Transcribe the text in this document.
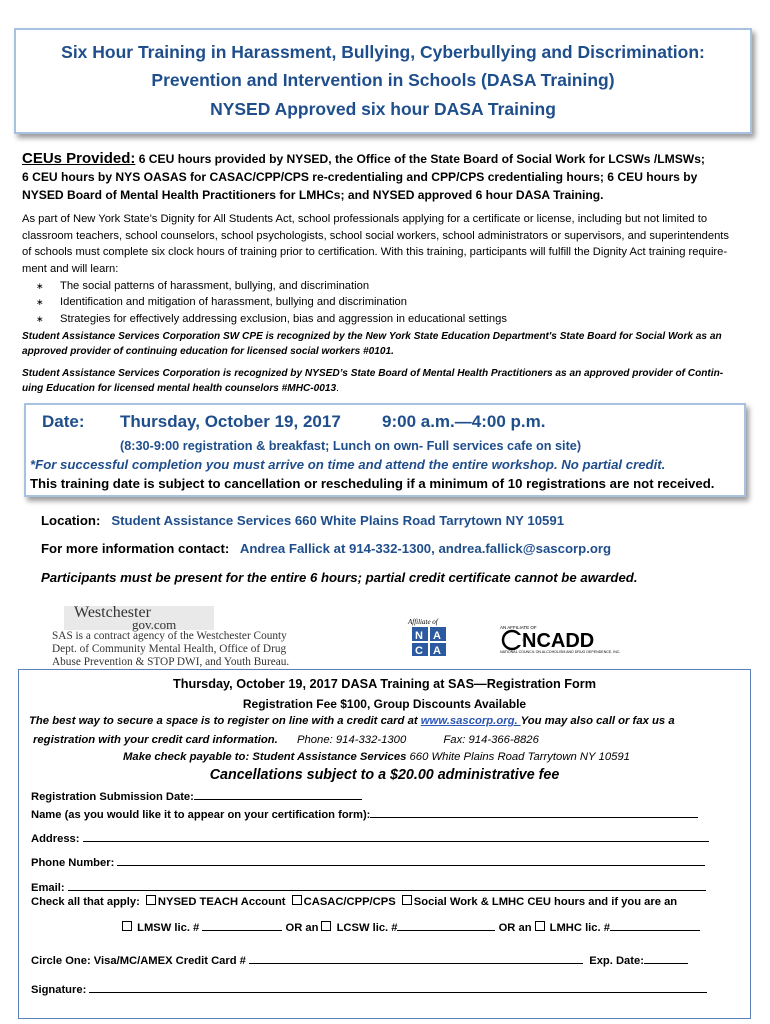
Six Hour Training in Harassment, Bullying, Cyberbullying and Discrimination:
Prevention and Intervention in Schools (DASA Training)
NYSED Approved six hour DASA Training
CEUs Provided: 6 CEU hours provided by NYSED, the Office of the State Board of Social Work for LCSWs /LMSWs;
6 CEU hours by NYS OASAS for CASAC/CPP/CPS re-credentialing and CPP/CPS credentialing hours; 6 CEU hours by
NYSED Board of Mental Health Practitioners for LMHCs; and NYSED approved 6 hour DASA Training.
As part of New York State’s Dignity for All Students Act, school professionals applying for a certificate or license, including but not limited to
classroom teachers, school counselors, school psychologists, school social workers, school administrators or supervisors, and superintendents
of schools must complete six clock hours of training prior to certification. With this training, participants will fulfill the Dignity Act training require-
ment and will learn:
∗ The social patterns of harassment, bullying, and discrimination
∗ Identification and mitigation of harassment, bullying and discrimination
∗ Strategies for effectively addressing exclusion, bias and aggression in educational settings
Student Assistance Services Corporation SW CPE is recognized by the New York State Education Department's State Board for Social Work as an
approved provider of continuing education for licensed social workers #0101.
Student Assistance Services Corporation is recognized by NYSED’s State Board of Mental Health Practitioners as an approved provider of Contin-
uing Education for licensed mental health counselors #MHC-0013.
Date: Thursday, October 19, 2017 9:00 a.m.—4:00 p.m.
(8:30-9:00 registration & breakfast; Lunch on own- Full services cafe on site)
*For successful completion you must arrive on time and attend the entire workshop. No partial credit.
This training date is subject to cancellation or rescheduling if a minimum of 10 registrations are not received.
Location: Student Assistance Services 660 White Plains Road Tarrytown NY 10591
For more information contact: Andrea Fallick at 914-332-1300, andrea.fallick@sascorp.org
Participants must be present for the entire 6 hours; partial credit certificate cannot be awarded.
Westchester
gov.com
SAS is a contract agency of the Westchester County
Dept. of Community Mental Health, Office of Drug
Abuse Prevention & STOP DWI, and Youth Bureau.
Affiliate of
N A
C A
AN AFFILIATE OF
NCADD
NATIONAL COUNCIL ON ALCOHOLISM AND DRUG DEPENDENCE, INC.
Thursday, October 19, 2017 DASA Training at SAS—Registration Form
Registration Fee $100, Group Discounts Available
The best way to secure a space is to register on line with a credit card at www.sascorp.org. You may also call or fax us a
registration with your credit card information. Phone: 914-332-1300	Fax: 914-366-8826
Make check payable to: Student Assistance Services 660 White Plains Road Tarrytown NY 10591
Cancellations subject to a $20.00 administrative fee
Registration Submission Date:
Name (as you would like it to appear on your certification form):
Address:
Phone Number:
Email:
Check all that apply: NYSED TEACH Account CASAC/CPP/CPS Social Work & LMHC CEU hours and if you are an
LMSW lic. #	OR an LCSW lic. #	OR an LMHC lic. #
Circle One: Visa/MC/AMEX Credit Card #	Exp. Date:
Signature:
